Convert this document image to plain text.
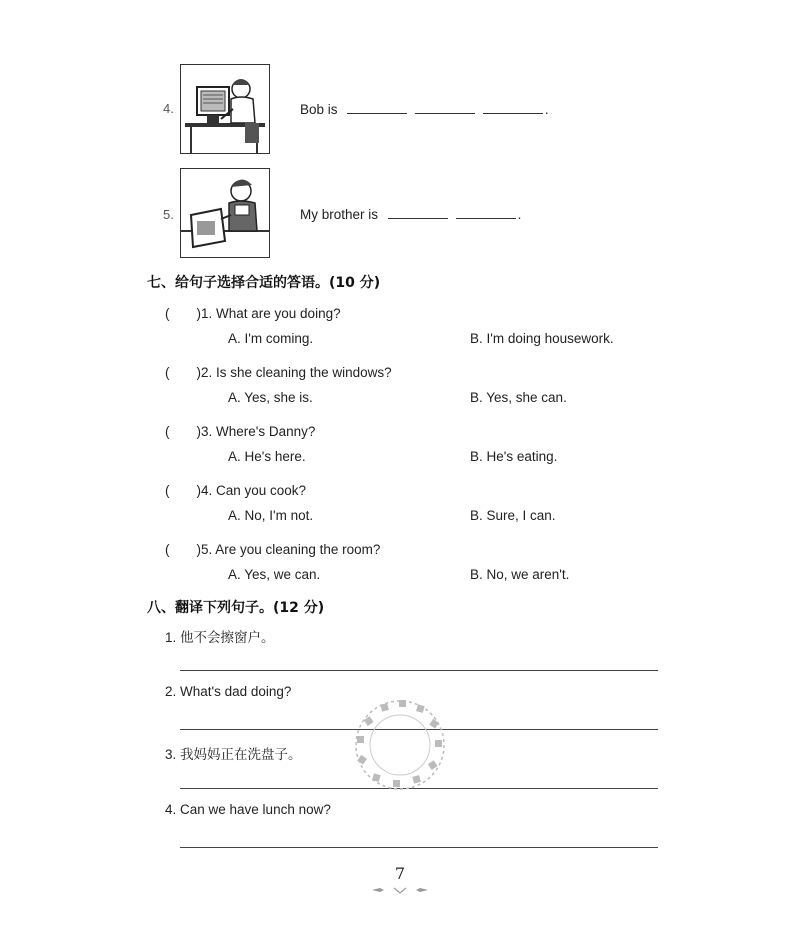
4.	Bob is	.
5.	My brother is	.
七、给句子选择合适的答语。(10 分)
(　　)1. What are you doing?
A. I'm coming.	B. I'm doing housework.
(　　)2. Is she cleaning the windows?
A. Yes, she is.	B. Yes, she can.
(　　)3. Where's Danny?
A. He's here.	B. He's eating.
(　　)4. Can you cook?
A. No, I'm not.	B. Sure, I can.
(　　)5. Are you cleaning the room?
A. Yes, we can.	B. No, we aren't.
八、翻译下列句子。(12 分)
1. 他不会擦窗户。
2. What's dad doing?
3. 我妈妈正在洗盘子。
4. Can we have lunch now?
7
